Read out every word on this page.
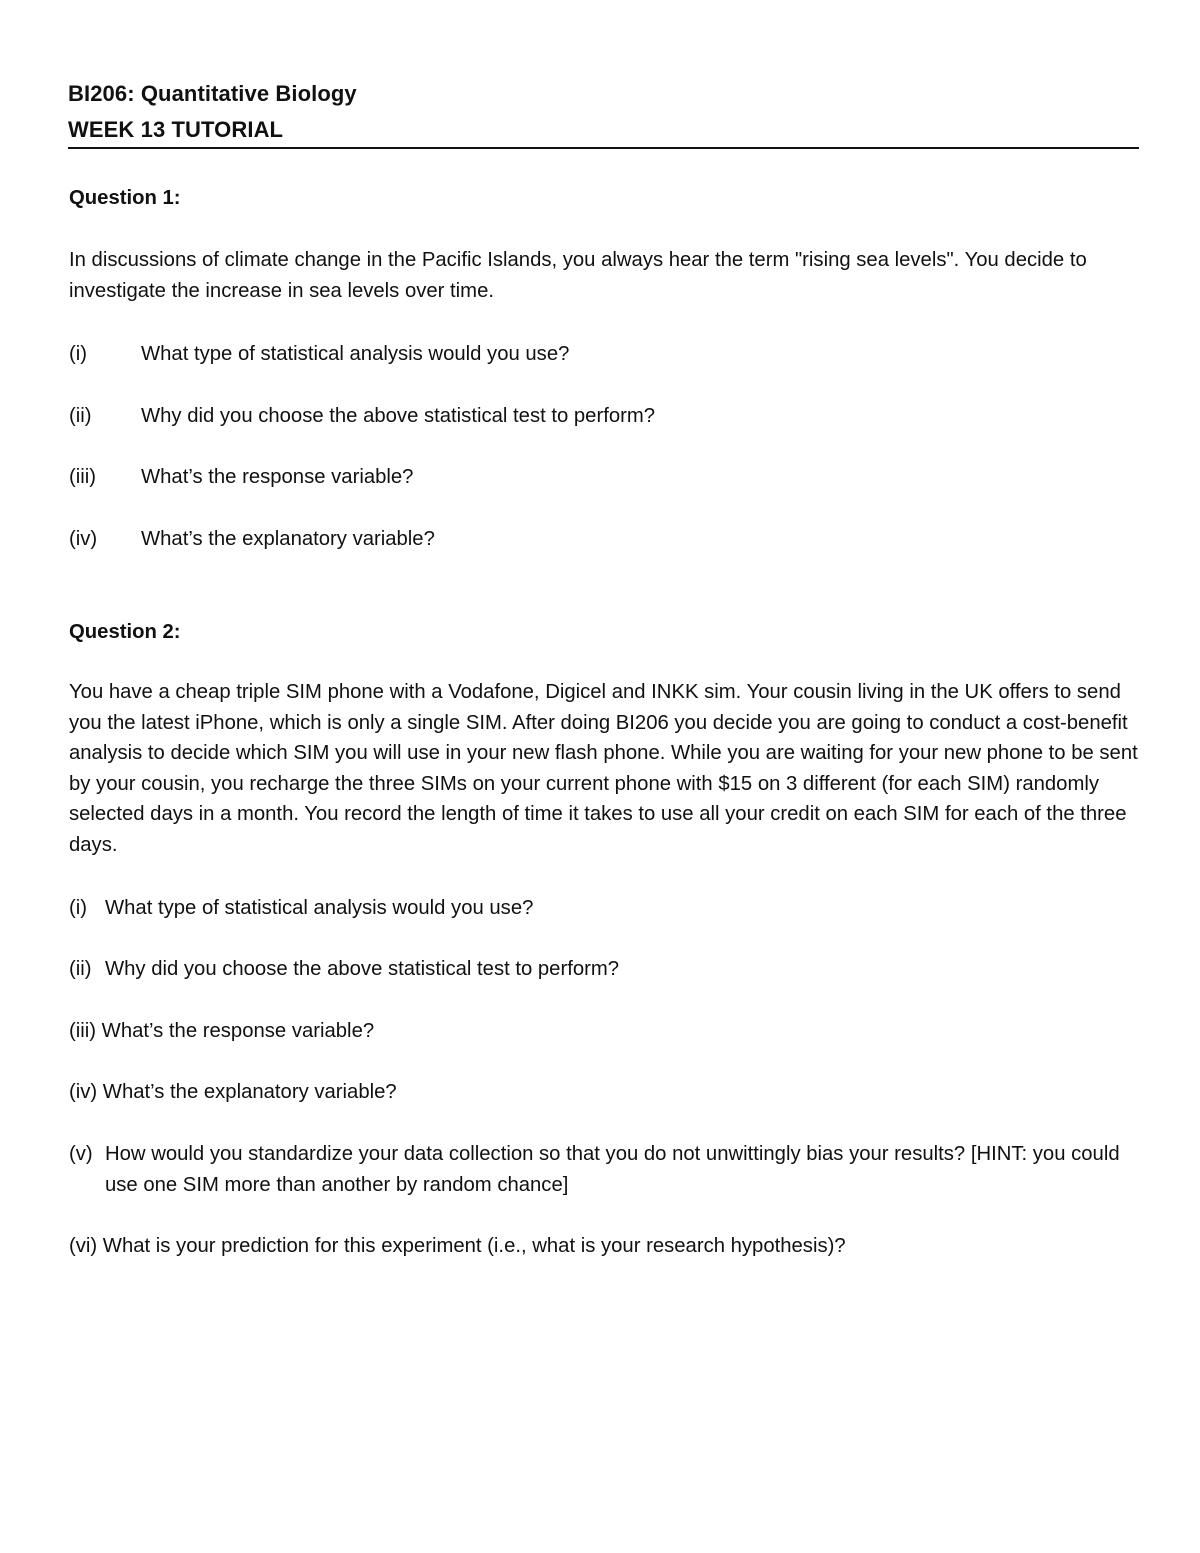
BI206: Quantitative Biology
WEEK 13 TUTORIAL
Question 1:

In discussions of climate change in the Pacific Islands, you always hear the term "rising sea levels". You decide to investigate the increase in sea levels over time.

(i)	What type of statistical analysis would you use?
(ii) Why did you choose the above statistical test to perform?
(iii) What’s the response variable?
(iv) What’s the explanatory variable?
Question 2:

You have a cheap triple SIM phone with a Vodafone, Digicel and INKK sim. Your cousin living in the UK offers to send you the latest iPhone, which is only a single SIM. After doing BI206 you decide you are going to conduct a cost-benefit analysis to decide which SIM you will use in your new flash phone. While you are waiting for your new phone to be sent by your cousin, you recharge the three SIMs on your current phone with $15 on 3 different (for each SIM) randomly selected days in a month. You record the length of time it takes to use all your credit on each SIM for each of the three days.

(i) What type of statistical analysis would you use?
(ii) Why did you choose the above statistical test to perform?
(iii) What’s the response variable?
(iv) What’s the explanatory variable?
(v) How would you standardize your data collection so that you do not unwittingly bias your results? [HINT: you could use one SIM more than another by random chance]
(vi) What is your prediction for this experiment (i.e., what is your research hypothesis)?
